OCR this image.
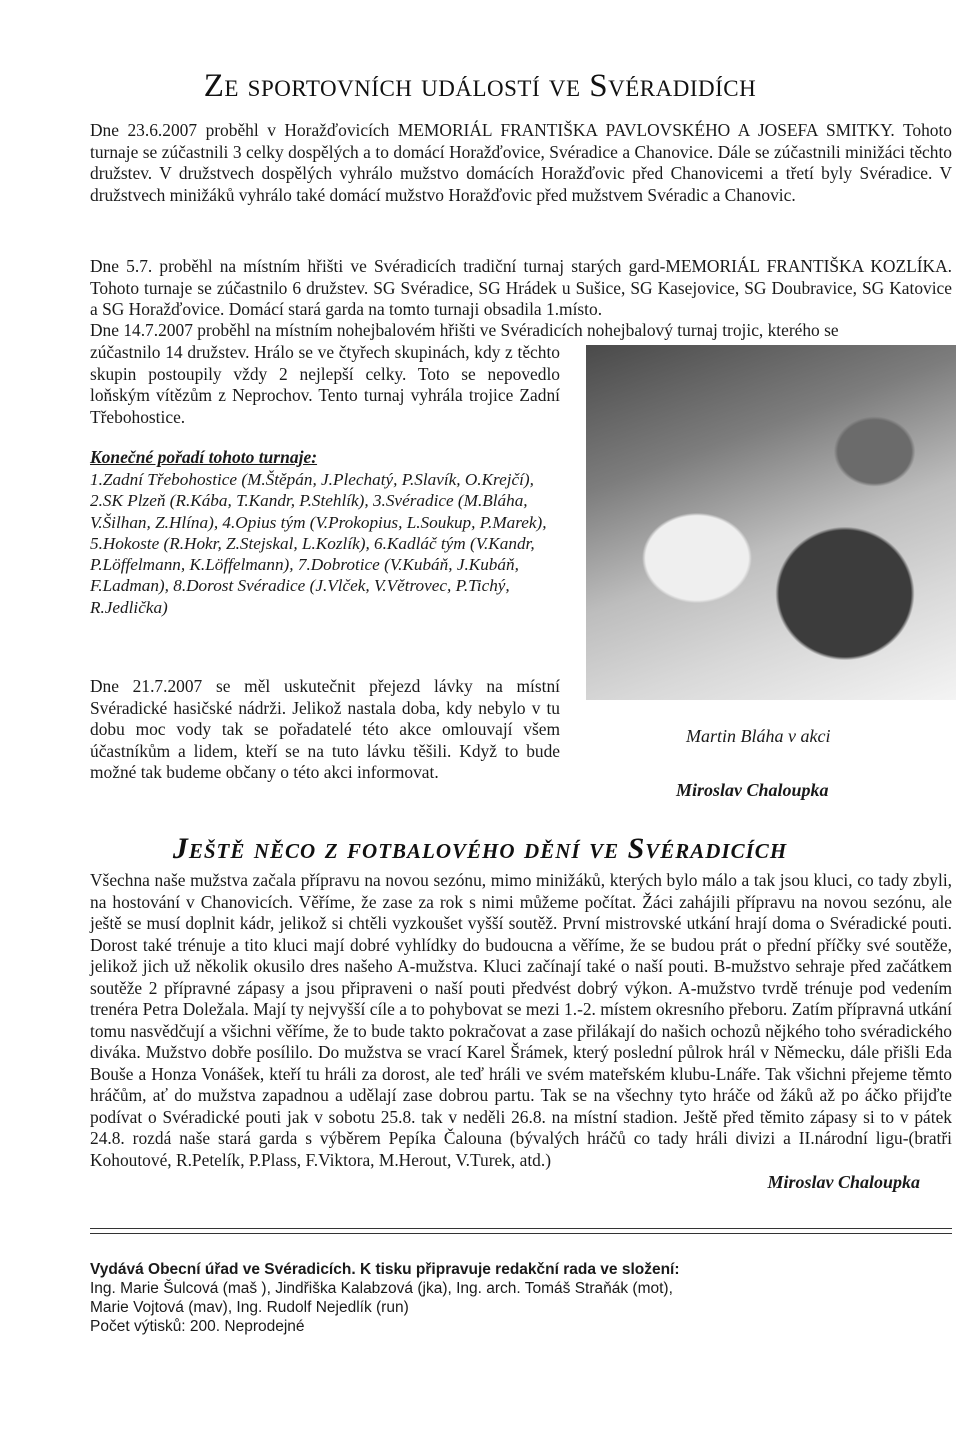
Ze sportovních událostí ve Svéradidích

Dne 23.6.2007 proběhl v Horažďovicích MEMORIÁL FRANTIŠKA PAVLOVSKÉHO A JOSEFA SMITKY. Tohoto turnaje se zúčastnili 3 celky dospělých a to domácí Horažďovice, Svéradice a Chanovice. Dále se zúčastnili minižáci těchto družstev. V družstvech dospělých vyhrálo mužstvo domácích Horažďovic před Chanovicemi a třetí byly Svéradice. V družstvech minižáků vyhrálo také domácí mužstvo Horažďovic před mužstvem Svéradic a Chanovic.

Dne 5.7. proběhl na místním hřišti ve Svéradicích tradiční turnaj starých gard-MEMORIÁL FRANTIŠKA KOZLÍKA. Tohoto turnaje se zúčastnilo 6 družstev. SG Svéradice, SG Hrádek u Sušice, SG Kasejovice, SG Doubravice, SG Katovice a SG Horažďovice. Domácí stará garda na tomto turnaji obsadila 1.místo.

Dne 14.7.2007 proběhl na místním nohejbalovém hřišti ve Svéradicích nohejbalový turnaj trojic, kterého se

zúčastnilo 14 družstev. Hrálo se ve čtyřech skupinách, kdy z těchto skupin postoupily vždy 2 nejlepší celky. Toto se nepovedlo loňským vítězům z Neprochov. Tento turnaj vyhrála trojice Zadní Třebohostice.

Konečné pořadí tohoto turnaje:
1.Zadní Třebohostice (M.Štěpán, J.Plechatý, P.Slavík, O.Krejčí), 2.SK Plzeň (R.Kába, T.Kandr, P.Stehlík), 3.Svéradice (M.Bláha, V.Šilhan, Z.Hlína), 4.Opius tým (V.Prokopius, L.Soukup, P.Marek), 5.Hokoste (R.Hokr, Z.Stejskal, L.Kozlík), 6.Kadláč tým (V.Kandr, P.Löffelmann, K.Löffelmann), 7.Dobrotice (V.Kubáň, J.Kubáň, F.Ladman), 8.Dorost Svéradice (J.Vlček, V.Větrovec, P.Tichý, R.Jedlička)

Dne 21.7.2007 se měl uskutečnit přejezd lávky na místní Svéradické hasičské nádrži. Jelikož nastala doba, kdy nebylo v tu dobu moc vody tak se pořadatelé této akce omlouvají všem účastníkům a lidem, kteří se na tuto lávku těšili. Když to bude možné tak budeme občany o této akci informovat.

Martin Bláha v akci
Miroslav Chaloupka
Ještě něco z fotbalového dění ve Svéradicích

Všechna naše mužstva začala přípravu na novou sezónu, mimo minižáků, kterých bylo málo a tak jsou kluci, co tady zbyli, na hostování v Chanovicích. Věříme, že zase za rok s nimi můžeme počítat. Žáci zahájili přípravu na novou sezónu, ale ještě se musí doplnit kádr, jelikož si chtěli vyzkoušet vyšší soutěž. První mistrovské utkání hrají doma o Svéradické pouti. Dorost také trénuje a tito kluci mají dobré vyhlídky do budoucna a věříme, že se budou prát o přední příčky své soutěže, jelikož jich už několik okusilo dres našeho A-mužstva. Kluci začínají také o naší pouti. B-mužstvo sehraje před začátkem soutěže 2 přípravné zápasy a jsou připraveni o naší pouti předvést dobrý výkon. A-mužstvo tvrdě trénuje pod vedením trenéra Petra Doležala. Mají ty nejvyšší cíle a to pohybovat se mezi 1.-2. místem okresního přeboru. Zatím přípravná utkání tomu nasvědčují a všichni věříme, že to bude takto pokračovat a zase přilákají do našich ochozů nějkého toho svéradického diváka. Mužstvo dobře posílilo. Do mužstva se vrací Karel Šrámek, který poslední půlrok hrál v Německu, dále přišli Eda Bouše a Honza Vonášek, kteří tu hráli za dorost, ale teď hráli ve svém mateřském klubu-Lnáře. Tak všichni přejeme těmto hráčům, ať do mužstva zapadnou a udělají zase dobrou partu. Tak se na všechny tyto hráče od žáků až po áčko přijďte podívat o Svéradické pouti jak v sobotu 25.8. tak v neděli 26.8. na místní stadion. Ještě před těmito zápasy si to v pátek 24.8. rozdá naše stará garda s výběrem Pepíka Čalouna (bývalých hráčů co tady hráli divizi a II.národní ligu-(bratři Kohoutové, R.Petelík, P.Plass, F.Viktora, M.Herout, V.Turek, atd.)

Miroslav Chaloupka
Vydává Obecní úřad ve Svéradicích. K tisku připravuje redakční rada ve složení:
Ing. Marie Šulcová (maš ), Jindřiška Kalabzová (jka), Ing. arch. Tomáš Straňák (mot),
Marie Vojtová (mav), Ing. Rudolf Nejedlík (run)
Počet výtisků: 200. Neprodejné
